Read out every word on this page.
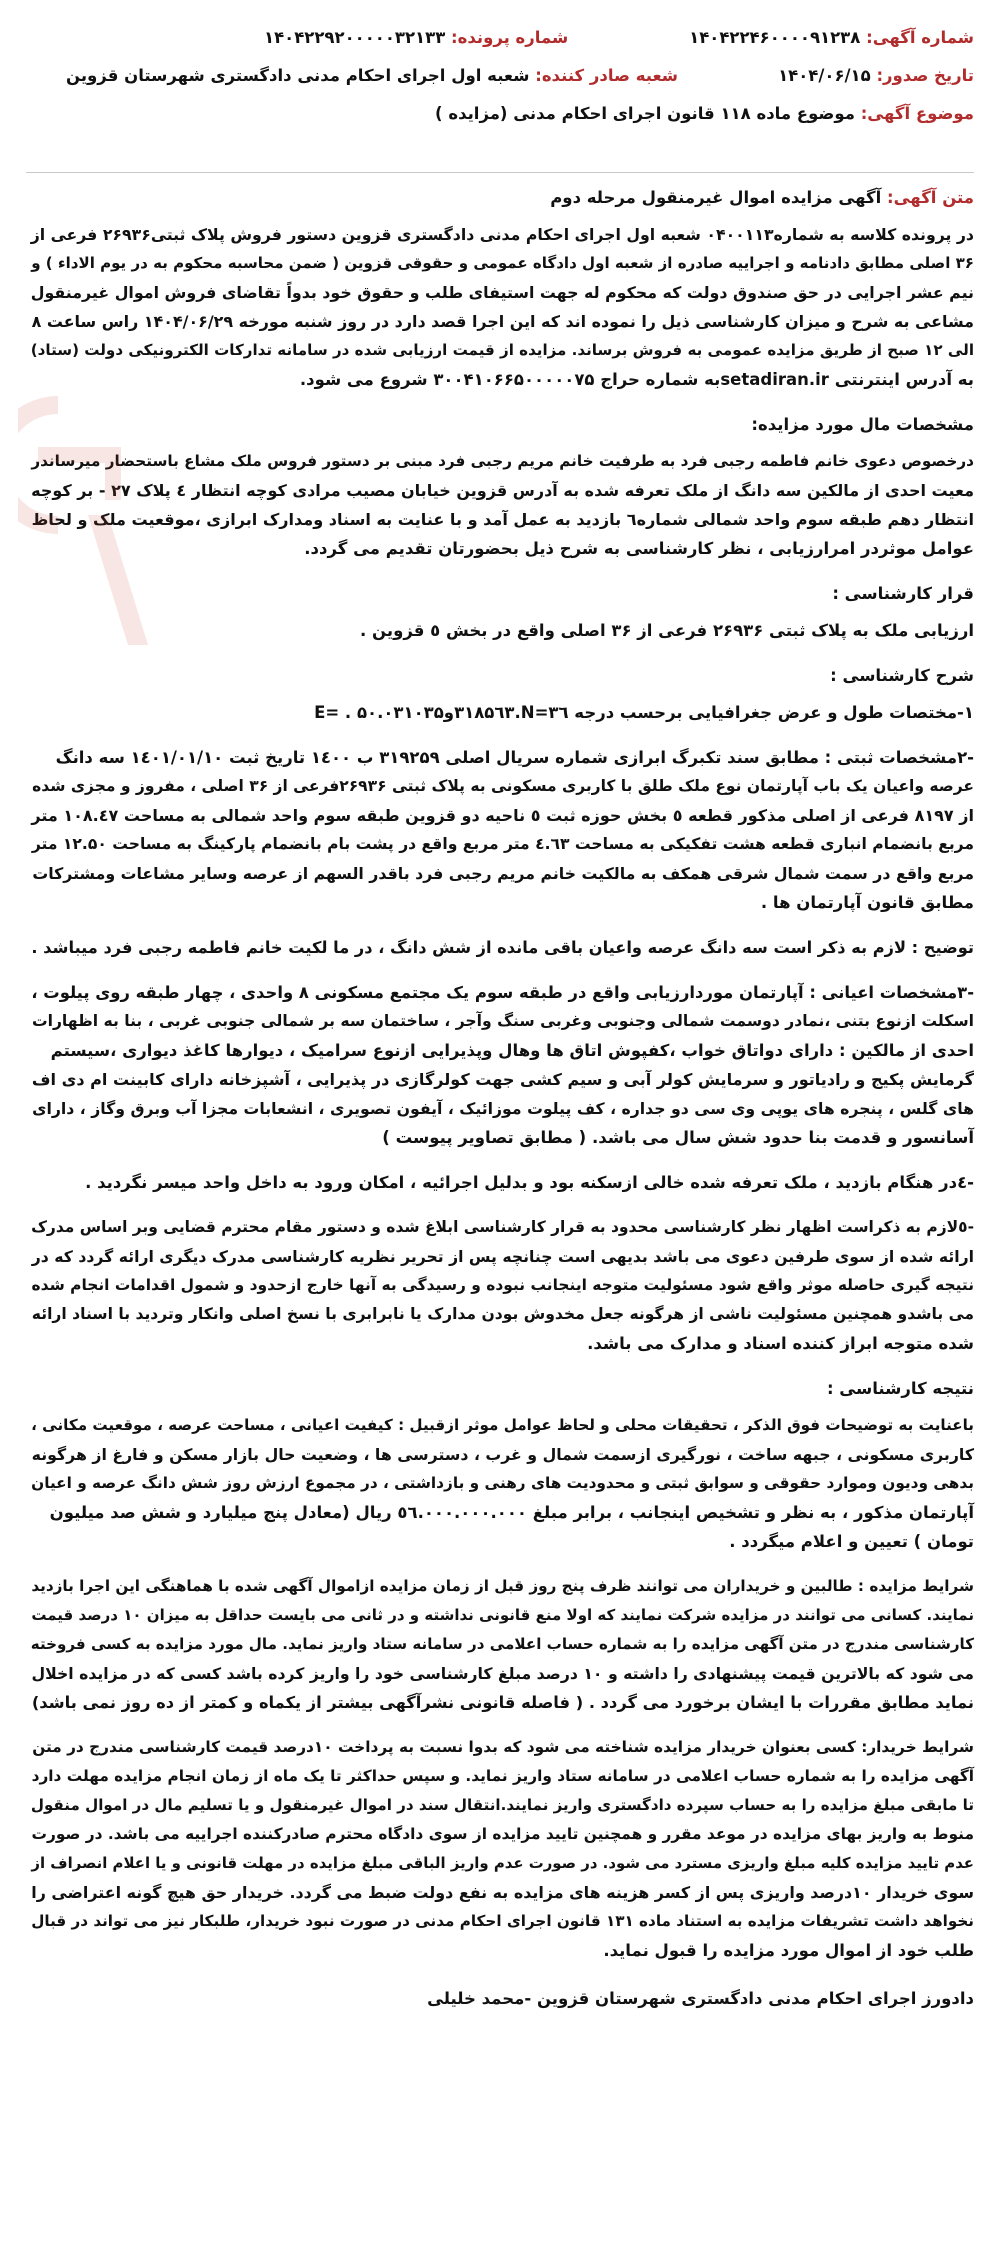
شماره آگهی: ۱۴۰۴۲۲۴۶۰۰۰۰۹۱۲۳۸
شماره پرونده: ۱۴۰۴۲۲۹۲۰۰۰۰۰۳۲۱۳۳
تاریخ صدور: ۱۴۰۴/۰۶/۱۵
شعبه صادر کننده: شعبه اول اجرای احکام مدنی دادگستری شهرستان قزوین
موضوع آگهی: موضوع ماده ۱۱۸ قانون اجرای احکام مدنی (مزایده )

متن آگهی: آگهی مزایده اموال غیرمنقول مرحله دوم

در پرونده کلاسه به شماره۰۴۰۰۱۱۳ شعبه اول اجرای احکام مدنی دادگستری قزوین دستور فروش پلاک ثبتی۲۶۹۳۶ فرعی از

۳۶ اصلی مطابق دادنامه و اجراییه صادره از شعبه اول دادگاه عمومی و حقوقی قزوین ( ضمن محاسبه محکوم به در یوم الاداء ) و

نیم عشر اجرایی در حق صندوق دولت که محکوم له جهت استیفای طلب و حقوق خود بدواً تقاضای فروش اموال غیرمنقول

مشاعی به شرح و میزان کارشناسی ذیل را نموده اند که این اجرا قصد دارد در روز شنبه مورخه ۱۴۰۴/۰۶/۲۹ راس ساعت ۸

الی ۱۲ صبح از طریق مزایده عمومی به فروش برساند. مزایده از قیمت ارزیابی شده در سامانه تدارکات الکترونیکی دولت (ستاد)

به آدرس اینترنتی setadiran.irبه شماره حراج ۳۰۰۴۱۰۶۶۵۰۰۰۰۰۷۵ شروع می شود.

مشخصات مال مورد مزایده:

درخصوص دعوی خانم فاطمه رجبی فرد به طرفیت خانم مریم رجبی فرد مبنی بر دستور فروس ملک مشاع باستحضار میرساندر

معیت احدی از مالکین سه دانگ از ملک تعرفه شده به آدرس قزوین خیابان مصیب مرادی کوچه انتظار ٤ پلاک ۲۷ - بر کوچه

انتظار دهم طبقه سوم واحد شمالی شماره٦ بازدید به عمل آمد و با عنایت به اسناد ومدارک ابرازی ،موقعیت ملک و لحاظ

عوامل موثردر امرارزیابی ، نظر کارشناسی به شرح ذیل بحضورتان تقدیم می گردد.

قرار کارشناسی :

ارزیابی ملک به پلاک ثبتی ۲۶۹۳۶ فرعی از ۳۶ اصلی واقع در بخش ٥ قزوین .

شرح کارشناسی :

۱-مختصات طول و عرض جغرافیایی برحسب درجه N=۳٦.۳۱۸۵٦۳و۵۰.۰۳۱۰۳۵ . =E

-۲مشخصات ثبتی : مطابق سند تکبرگ ابرازی شماره سریال اصلی ۳۱۹۲۵۹ ب ۱٤۰۰ تاریخ ثبت ۱٤۰۱/۰۱/۱۰ سه دانگ

عرصه واعیان یک باب آپارتمان نوع ملک طلق با کاربری مسکونی به پلاک ثبتی ۲۶۹۳۶فرعی از ۳۶ اصلی ، مفروز و مجزی شده

از ۸۱۹۷ فرعی از اصلی مذکور قطعه ٥ بخش حوزه ثبت ٥ ناحیه دو قزوین طبقه سوم واحد شمالی به مساحت ۱۰۸.٤۷ متر

مربع بانضمام انباری قطعه هشت تفکیکی به مساحت ٤.٦۳ متر مربع واقع در پشت بام بانضمام پارکینگ به مساحت ۱۲.۵۰ متر

مربع واقع در سمت شمال شرقی همکف به مالکیت خانم مریم رجبی فرد باقدر السهم از عرصه وسایر مشاعات ومشترکات

مطابق قانون آپارتمان ها .

توضیح : لازم به ذکر است سه دانگ عرصه واعیان باقی مانده از شش دانگ ، در ما لکیت خانم فاطمه رجبی فرد میباشد .

-۳مشخصات اعیانی : آپارتمان موردارزیابی واقع در طبقه سوم یک مجتمع مسکونی ۸ واحدی ، چهار طبقه روی پیلوت ،

اسکلت ازنوع بتنی ،نمادر دوسمت شمالی وجنوبی وغربی سنگ وآجر ، ساختمان سه بر شمالی جنوبی غربی ، بنا به اظهارات

احدی از مالکین : دارای دواتاق خواب ،کفپوش اتاق ها وهال وپذیرایی ازنوع سرامیک ، دیوارها کاغذ دیواری ،سیستم

گرمایش پکیج و رادیاتور و سرمایش کولر آبی و سیم کشی جهت کولرگازی در پذیرایی ، آشپزخانه دارای کابینت ام دی اف

های گلس ، پنجره های یوپی وی سی دو جداره ، کف پیلوت موزائیک ، آیفون تصویری ، انشعابات مجزا آب وبرق وگاز ، دارای

آسانسور و قدمت بنا حدود شش سال می باشد. ( مطابق تصاویر پیوست )

-٤در هنگام بازدید ، ملک تعرفه شده خالی ازسکنه بود و بدلیل اجرائیه ، امکان ورود به داخل واحد میسر نگردید .

-٥لازم به ذکراست اظهار نظر کارشناسی محدود به قرار کارشناسی ابلاغ شده و دستور مقام محترم قضایی وبر اساس مدرک

ارائه شده از سوی طرفین دعوی می باشد بدیهی است چنانچه پس از تحریر نظریه کارشناسی مدرک دیگری ارائه گردد که در

نتیجه گیری حاصله موثر واقع شود مسئولیت متوجه اینجانب نبوده و رسیدگی به آنها خارج ازحدود و شمول اقدامات انجام شده

می باشدو همچنین مسئولیت ناشی از هرگونه جعل مخدوش بودن مدارک یا نابرابری با نسخ اصلی وانکار وتردید با اسناد ارائه

شده متوجه ابراز کننده اسناد و مدارک می باشد.

نتیجه کارشناسی :

باعنایت به توضیحات فوق الذکر ، تحقیقات محلی و لحاظ عوامل موثر ازقبیل : کیفیت اعیانی ، مساحت عرصه ، موقعیت مکانی ،

کاربری مسکونی ، جبهه ساخت ، نورگیری ازسمت شمال و غرب ، دسترسی ها ، وضعیت حال بازار مسکن و فارغ از هرگونه

بدهی ودیون وموارد حقوقی و سوابق ثبتی و محدودیت های رهنی و بازداشتی ، در مجموع ارزش روز شش دانگ عرصه و اعیان

آپارتمان مذکور ، به نظر و تشخیص اینجانب ، برابر مبلغ ٥٦.۰۰۰.۰۰۰.۰۰۰ ریال (معادل پنج میلیارد و شش صد میلیون

تومان ) تعیین و اعلام میگردد .

شرایط مزایده : طالبین و خریداران می توانند ظرف پنج روز قبل از زمان مزایده ازاموال آگهی شده با هماهنگی این اجرا بازدید

نمایند. کسانی می توانند در مزایده شرکت نمایند که اولا منع قانونی نداشته و در ثانی می بایست حداقل به میزان ۱۰ درصد قیمت

کارشناسی مندرج در متن آگهی مزایده را به شماره حساب اعلامی در سامانه ستاد واریز نماید. مال مورد مزایده به کسی فروخته

می شود که بالاترین قیمت پیشنهادی را داشته و ۱۰ درصد مبلغ کارشناسی خود را واریز کرده باشد کسی که در مزایده اخلال

نماید مطابق مقررات با ایشان برخورد می گردد . ( فاصله قانونی نشرآگهی بیشتر از یکماه و کمتر از ده روز نمی باشد)

شرایط خریدار: کسی بعنوان خریدار مزایده شناخته می شود که بدوا نسبت به پرداخت ۱۰درصد قیمت کارشناسی مندرج در متن

آگهی مزایده را به شماره حساب اعلامی در سامانه ستاد واریز نماید. و سپس حداکثر تا یک ماه از زمان انجام مزایده مهلت دارد

تا مابقی مبلغ مزایده را به حساب سپرده دادگستری واریز نمایند.انتقال سند در اموال غیرمنقول و یا تسلیم مال در اموال منقول

منوط به واریز بهای مزایده در موعد مقرر و همچنین تایید مزایده از سوی دادگاه محترم صادرکننده اجراییه می باشد. در صورت

عدم تایید مزایده کلیه مبلغ واریزی مسترد می شود. در صورت عدم واریز الباقی مبلغ مزایده در مهلت قانونی و یا اعلام انصراف از

سوی خریدار ۱۰درصد واریزی پس از کسر هزینه های مزایده به نفع دولت ضبط می گردد. خریدار حق هیچ گونه اعتراضی را

نخواهد داشت تشریفات مزایده به استناد ماده ۱۳۱ قانون اجرای احکام مدنی در صورت نبود خریدار، طلبکار نیز می تواند در قبال

طلب خود از اموال مورد مزایده را قبول نماید.

دادورز اجرای احکام مدنی دادگستری شهرستان قزوین -محمد خلیلی
